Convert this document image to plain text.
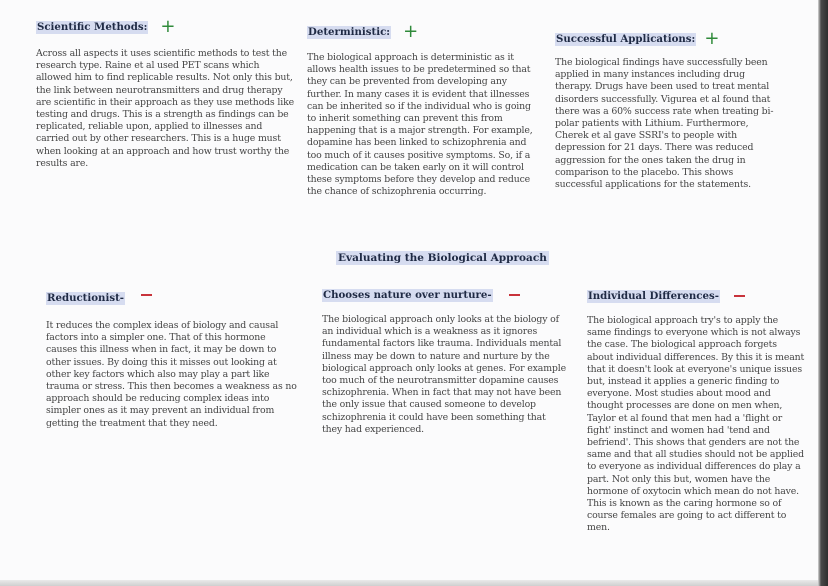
Scientific Methods: +
Across all aspects it uses scientific methods to test the research type. Raine et al used PET scans which allowed him to find replicable results. Not only this but, the link between neurotransmitters and drug therapy are scientific in their approach as they use methods like testing and drugs. This is a strength as findings can be replicated, reliable upon, applied to illnesses and carried out by other researchers. This is a huge must when looking at an approach and how trust worthy the results are.
Deterministic: +
The biological approach is deterministic as it allows health issues to be predetermined so that they can be prevented from developing any further. In many cases it is evident that illnesses can be inherited so if the individual who is going to inherit something can prevent this from happening that is a major strength. For example, dopamine has been linked to schizophrenia and too much of it causes positive symptoms. So, if a medication can be taken early on it will control these symptoms before they develop and reduce the chance of schizophrenia occurring.
Successful Applications: +
The biological findings have successfully been applied in many instances including drug therapy. Drugs have been used to treat mental disorders successfully. Vigurea et al found that there was a 60% success rate when treating bi-polar patients with Lithium. Furthermore, Cherek et al gave SSRI's to people with depression for 21 days. There was reduced aggression for the ones taken the drug in comparison to the placebo. This shows successful applications for the statements.
Evaluating the Biological Approach
Reductionist-
It reduces the complex ideas of biology and causal factors into a simpler one. That of this hormone causes this illness when in fact, it may be down to other issues. By doing this it misses out looking at other key factors which also may play a part like trauma or stress. This then becomes a weakness as no approach should be reducing complex ideas into simpler ones as it may prevent an individual from getting the treatment that they need.
Chooses nature over nurture-
The biological approach only looks at the biology of an individual which is a weakness as it ignores fundamental factors like trauma. Individuals mental illness may be down to nature and nurture by the biological approach only looks at genes. For example too much of the neurotransmitter dopamine causes schizophrenia. When in fact that may not have been the only issue that caused someone to develop schizophrenia it could have been something that they had experienced.
Individual Differences-
The biological approach try's to apply the same findings to everyone which is not always the case. The biological approach forgets about individual differences. By this it is meant that it doesn't look at everyone's unique issues but, instead it applies a generic finding to everyone. Most studies about mood and thought processes are done on men when, Taylor et al found that men had a 'flight or fight' instinct and women had 'tend and befriend'. This shows that genders are not the same and that all studies should not be applied to everyone as individual differences do play a part. Not only this but, women have the hormone of oxytocin which mean do not have. This is known as the caring hormone so of course females are going to act different to men.
